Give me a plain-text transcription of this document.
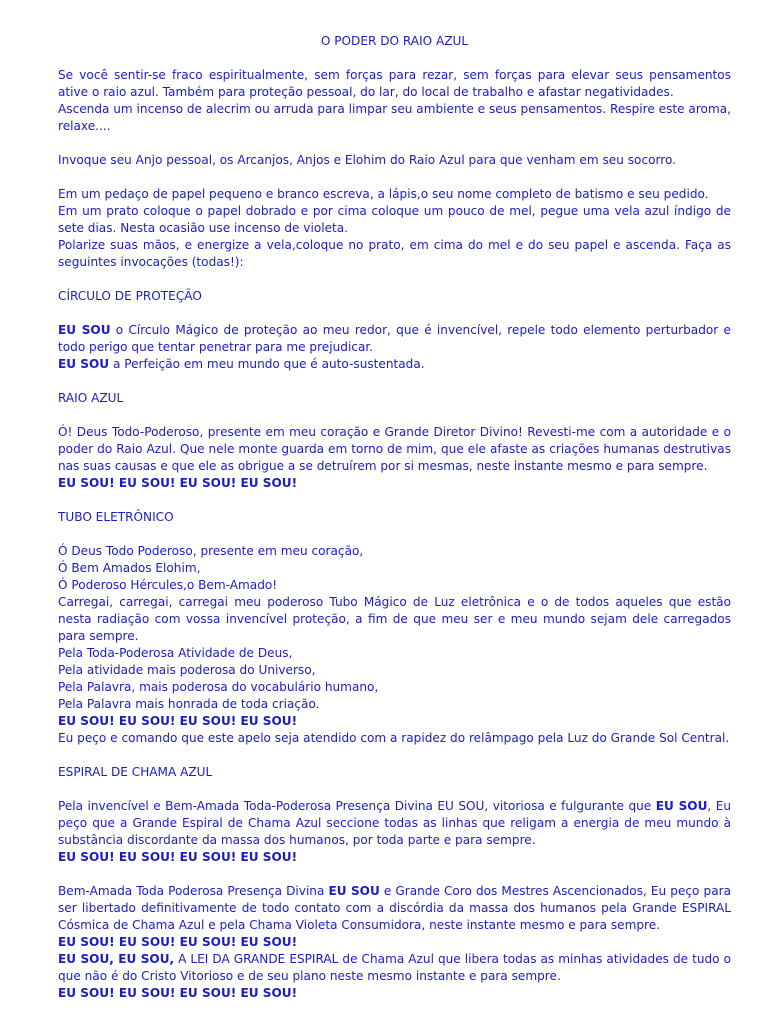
O PODER DO RAIO AZUL
Se você sentir-se fraco espiritualmente, sem forças para rezar, sem forças para elevar seus pensamentos ative o raio azul. Também para proteção pessoal, do lar, do local de trabalho e afastar negatividades.
Ascenda um incenso de alecrim ou arruda para limpar seu ambiente e seus pensamentos. Respire este aroma, relaxe....
Invoque seu Anjo pessoal, os Arcanjos, Anjos e Elohim do Raio Azul para que venham em seu socorro.
Em um pedaço de papel pequeno e branco escreva, a lápis,o seu nome completo de batismo e seu pedido.
Em um prato coloque o papel dobrado e por cima coloque um pouco de mel, pegue uma vela azul índigo de sete dias. Nesta ocasião use incenso de violeta.
Polarize suas mãos, e energize a vela,coloque no prato, em cima do mel e do seu papel e ascenda. Faça as seguintes invocações (todas!):
CÍRCULO DE PROTEÇÃO
EU SOU o Círculo Mágico de proteção ao meu redor, que é invencível, repele todo elemento perturbador e todo perigo que tentar penetrar para me prejudicar.
EU SOU a Perfeição em meu mundo que é auto-sustentada.
RAIO AZUL
Ó! Deus Todo-Poderoso, presente em meu coração e Grande Diretor Divino! Revesti-me com a autoridade e o poder do Raio Azul. Que nele monte guarda em torno de mim, que ele afaste as criações humanas destrutivas nas suas causas e que ele as obrigue a se detruírem por si mesmas, neste instante mesmo e para sempre.
EU SOU! EU SOU! EU SOU! EU SOU!
TUBO ELETRÔNICO
Ó Deus Todo Poderoso, presente em meu coração,
Ó Bem Amados Elohim,
Ó Poderoso Hércules,o Bem-Amado!
Carregai, carregai, carregai meu poderoso Tubo Mágico de Luz eletrônica e o de todos aqueles que estão nesta radiação com vossa invencível proteção, a fim de que meu ser e meu mundo sejam dele carregados para sempre.
Pela Toda-Poderosa Atividade de Deus,
Pela atividade mais poderosa do Universo,
Pela Palavra, mais poderosa do vocabulário humano,
Pela Palavra mais honrada de toda criação.
EU SOU! EU SOU! EU SOU! EU SOU!
Eu peço e comando que este apelo seja atendido com a rapidez do relâmpago pela Luz do Grande Sol Central.
ESPIRAL DE CHAMA AZUL
Pela invencível e Bem-Amada Toda-Poderosa Presença Divina EU SOU, vitoriosa e fulgurante que EU SOU, Eu peço que a Grande Espiral de Chama Azul seccione todas as linhas que religam a energia de meu mundo à substância discordante da massa dos humanos, por toda parte e para sempre.
EU SOU! EU SOU! EU SOU! EU SOU!
Bem-Amada Toda Poderosa Presença Divina EU SOU e Grande Coro dos Mestres Ascencionados, Eu peço para ser libertado definitivamente de todo contato com a discórdia da massa dos humanos pela Grande ESPIRAL Cósmica de Chama Azul e pela Chama Violeta Consumidora, neste instante mesmo e para sempre.
EU SOU! EU SOU! EU SOU! EU SOU!
EU SOU, EU SOU, A LEI DA GRANDE ESPIRAL de Chama Azul que libera todas as minhas atividades de tudo o que não é do Cristo Vitorioso e de seu plano neste mesmo instante e para sempre.
EU SOU! EU SOU! EU SOU! EU SOU!
